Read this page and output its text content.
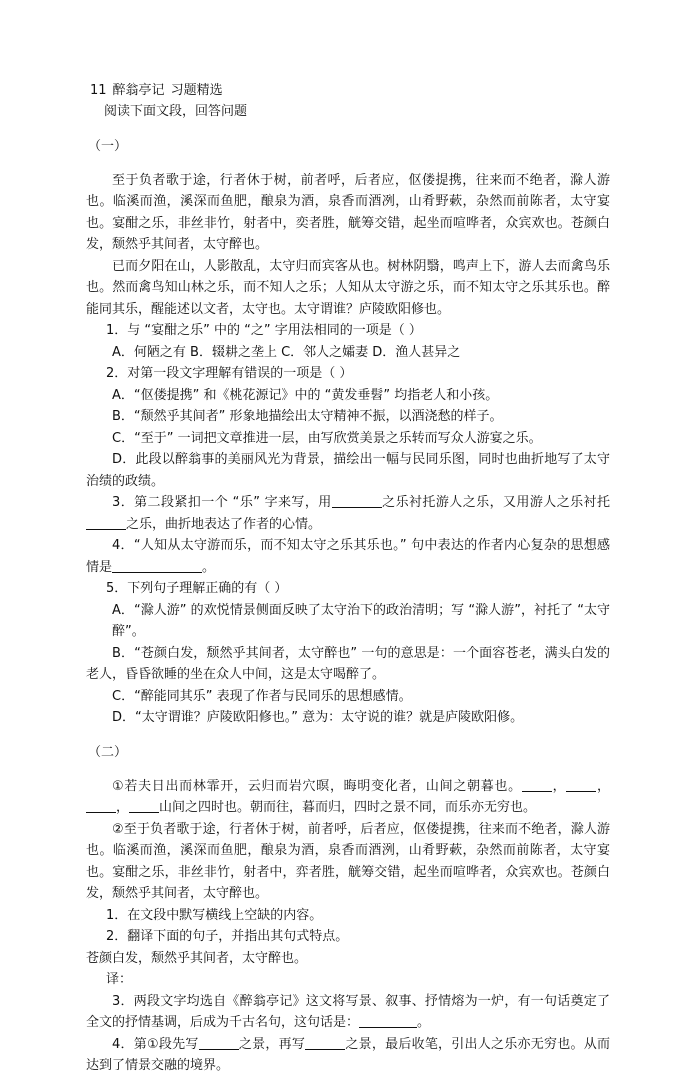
11 醉翁亭记 习题精选

阅读下面文段，回答问题

（一）

至于负者歌于途，行者休于树，前者呼，后者应，伛偻提携，往来而不绝者，滁人游也。临溪而渔，溪深而鱼肥，酿泉为酒，泉香而酒冽，山肴野蔌，杂然而前陈者，太守宴也。宴酣之乐，非丝非竹，射者中，奕者胜，觥筹交错，起坐而喧哗者，众宾欢也。苍颜白发，颓然乎其间者，太守醉也。

已而夕阳在山，人影散乱，太守归而宾客从也。树林阴翳，鸣声上下，游人去而禽鸟乐也。然而禽鸟知山林之乐，而不知人之乐；人知从太守游之乐，而不知太守之乐其乐也。醉能同其乐，醒能述以文者，太守也。太守谓谁？庐陵欧阳修也。

1．与 “宴酣之乐” 中的 “之” 字用法相同的一项是（ ）

A．何陋之有 B．辍耕之垄上 C．邻人之孀妻 D．渔人甚异之

2．对第一段文字理解有错误的一项是（ ）

A．“伛偻提携” 和《桃花源记》中的 “黄发垂髫” 均指老人和小孩。

B．“颓然乎其间者” 形象地描绘出太守精神不振，以酒浇愁的样子。

C．“至于” 一词把文章推进一层，由写欣赏美景之乐转而写众人游宴之乐。

D．此段以醉翁事的美丽风光为背景，描绘出一幅与民同乐图，同时也曲折地写了太守治绩的政绩。

3．第二段紧扣一个 “乐” 字来写，用	之乐衬托游人之乐，又用游人之乐衬托之乐，曲折地表达了作者的心情。

4．“人知从太守游而乐，而不知太守之乐其乐也。” 句中表达的作者内心复杂的思想感情是	。

5．下列句子理解正确的有（ ）

A．“滁人游” 的欢悦情景侧面反映了太守治下的政治清明；写 “滁人游”，衬托了 “太守醉”。

B．“苍颜白发，颓然乎其间者，太守醉也” 一句的意思是：一个面容苍老，满头白发的老人，昏昏欲睡的坐在众人中间，这是太守喝醉了。

C．“醉能同其乐” 表现了作者与民同乐的思想感情。

D．“太守谓谁？庐陵欧阳修也。” 意为：太守说的谁？就是庐陵欧阳修。

（二）

①若夫日出而林霏开，云归而岩穴暝，晦明变化者，山间之朝暮也。 ， ，， 山间之四时也。朝而往，暮而归，四时之景不同，而乐亦无穷也。

②至于负者歌于途，行者休于树，前者呼，后者应，伛偻提携，往来而不绝者，滁人游也。临溪而渔，溪深而鱼肥，酿泉为酒，泉香而酒洌，山肴野蔌，杂然而前陈者，太守宴也。宴酣之乐，非丝非竹，射者中，弈者胜，觥筹交错，起坐而喧哗者，众宾欢也。苍颜白发，颓然乎其间者，太守醉也。

1．在文段中默写横线上空缺的内容。

2．翻译下面的句子，并指出其句式特点。

苍颜白发，颓然乎其间者，太守醉也。

译：

3．两段文字均选自《醉翁亭记》这文将写景、叙事、抒情熔为一炉，有一句话奠定了全文的抒情基调，后成为千古名句，这句话是：	。

4．第①段先写	之景，再写	之景，最后收笔，引出人之乐亦无穷也。从而达到了情景交融的境界。
